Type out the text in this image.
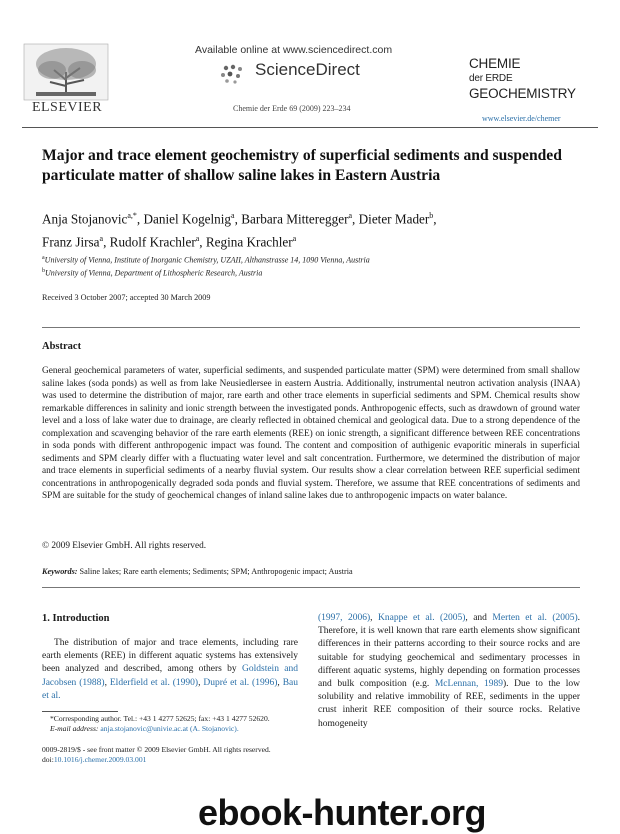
ELSEVIER
Available online at www.sciencedirect.com
ScienceDirect
Chemie der Erde 69 (2009) 223–234
CHEMIE
der ERDE
GEOCHEMISTRY
www.elsevier.de/chemer
Major and trace element geochemistry of superficial sediments and suspended particulate matter of shallow saline lakes in Eastern Austria
Anja Stojanovic$^{a,*}$, Daniel Kogelnig$^a$, Barbara Mitteregger$^a$, Dieter Mader$^b$,
Franz Jirsa$^a$, Rudolf Krachler$^a$, Regina Krachler$^a$
$^a$University of Vienna, Institute of Inorganic Chemistry, UZAII, Althanstrasse 14, 1090 Vienna, Austria
$^b$University of Vienna, Department of Lithospheric Research, Austria
Received 3 October 2007; accepted 30 March 2009
Abstract
General geochemical parameters of water, superficial sediments, and suspended particulate matter (SPM) were determined from small shallow saline lakes (soda ponds) as well as from lake Neusiedlersee in eastern Austria. Additionally, instrumental neutron activation analysis (INAA) was used to determine the distribution of major, rare earth and other trace elements in superficial sediments and SPM. Chemical results show remarkable differences in salinity and ionic strength between the investigated ponds. Anthropogenic effects, such as drawdown of ground water level and a loss of lake water due to drainage, are clearly reflected in obtained chemical and geological data. Due to a strong dependence of the complexation and scavenging behavior of the rare earth elements (REE) on ionic strength, a significant difference between REE concentrations in soda ponds with different anthropogenic impact was found. The content and composition of authigenic evaporitic minerals in superficial sediments and SPM clearly differ with a fluctuating water level and salt concentration. Furthermore, we determined the distribution of major and trace elements in superficial sediments of a nearby fluvial system. Our results show a clear correlation between REE superficial sediment concentrations in anthropogenically degraded soda ponds and fluvial system. Therefore, we assume that REE concentrations of sediments and SPM are suitable for the study of geochemical changes of inland saline lakes due to anthropogenic impacts on water balance.
© 2009 Elsevier GmbH. All rights reserved.
Keywords: Saline lakes; Rare earth elements; Sediments; SPM; Anthropogenic impact; Austria
1. Introduction
The distribution of major and trace elements, including rare earth elements (REE) in different aquatic systems has extensively been analyzed and described, among others by Goldstein and Jacobsen (1988), Elderfield et al. (1990), Dupré et al. (1996), Bau et al.
(1997, 2006), Knappe et al. (2005), and Merten et al. (2005). Therefore, it is well known that rare earth elements show significant differences in their patterns according to their source rocks and are suitable for studying geochemical and sedimentary processes in different aquatic systems, highly depending on formation processes and bulk composition (e.g. McLennan, 1989). Due to the low solubility and relative immobility of REE, sediments in the upper crust inherit REE composition of their source rocks. Relative homogeneity
*Corresponding author. Tel.: +43 1 4277 52625; fax: +43 1 4277 52620.
E-mail address: anja.stojanovic@univie.ac.at (A. Stojanovic).
0009-2819/$ - see front matter © 2009 Elsevier GmbH. All rights reserved.
doi:10.1016/j.chemer.2009.03.001
ebook-hunter.org
